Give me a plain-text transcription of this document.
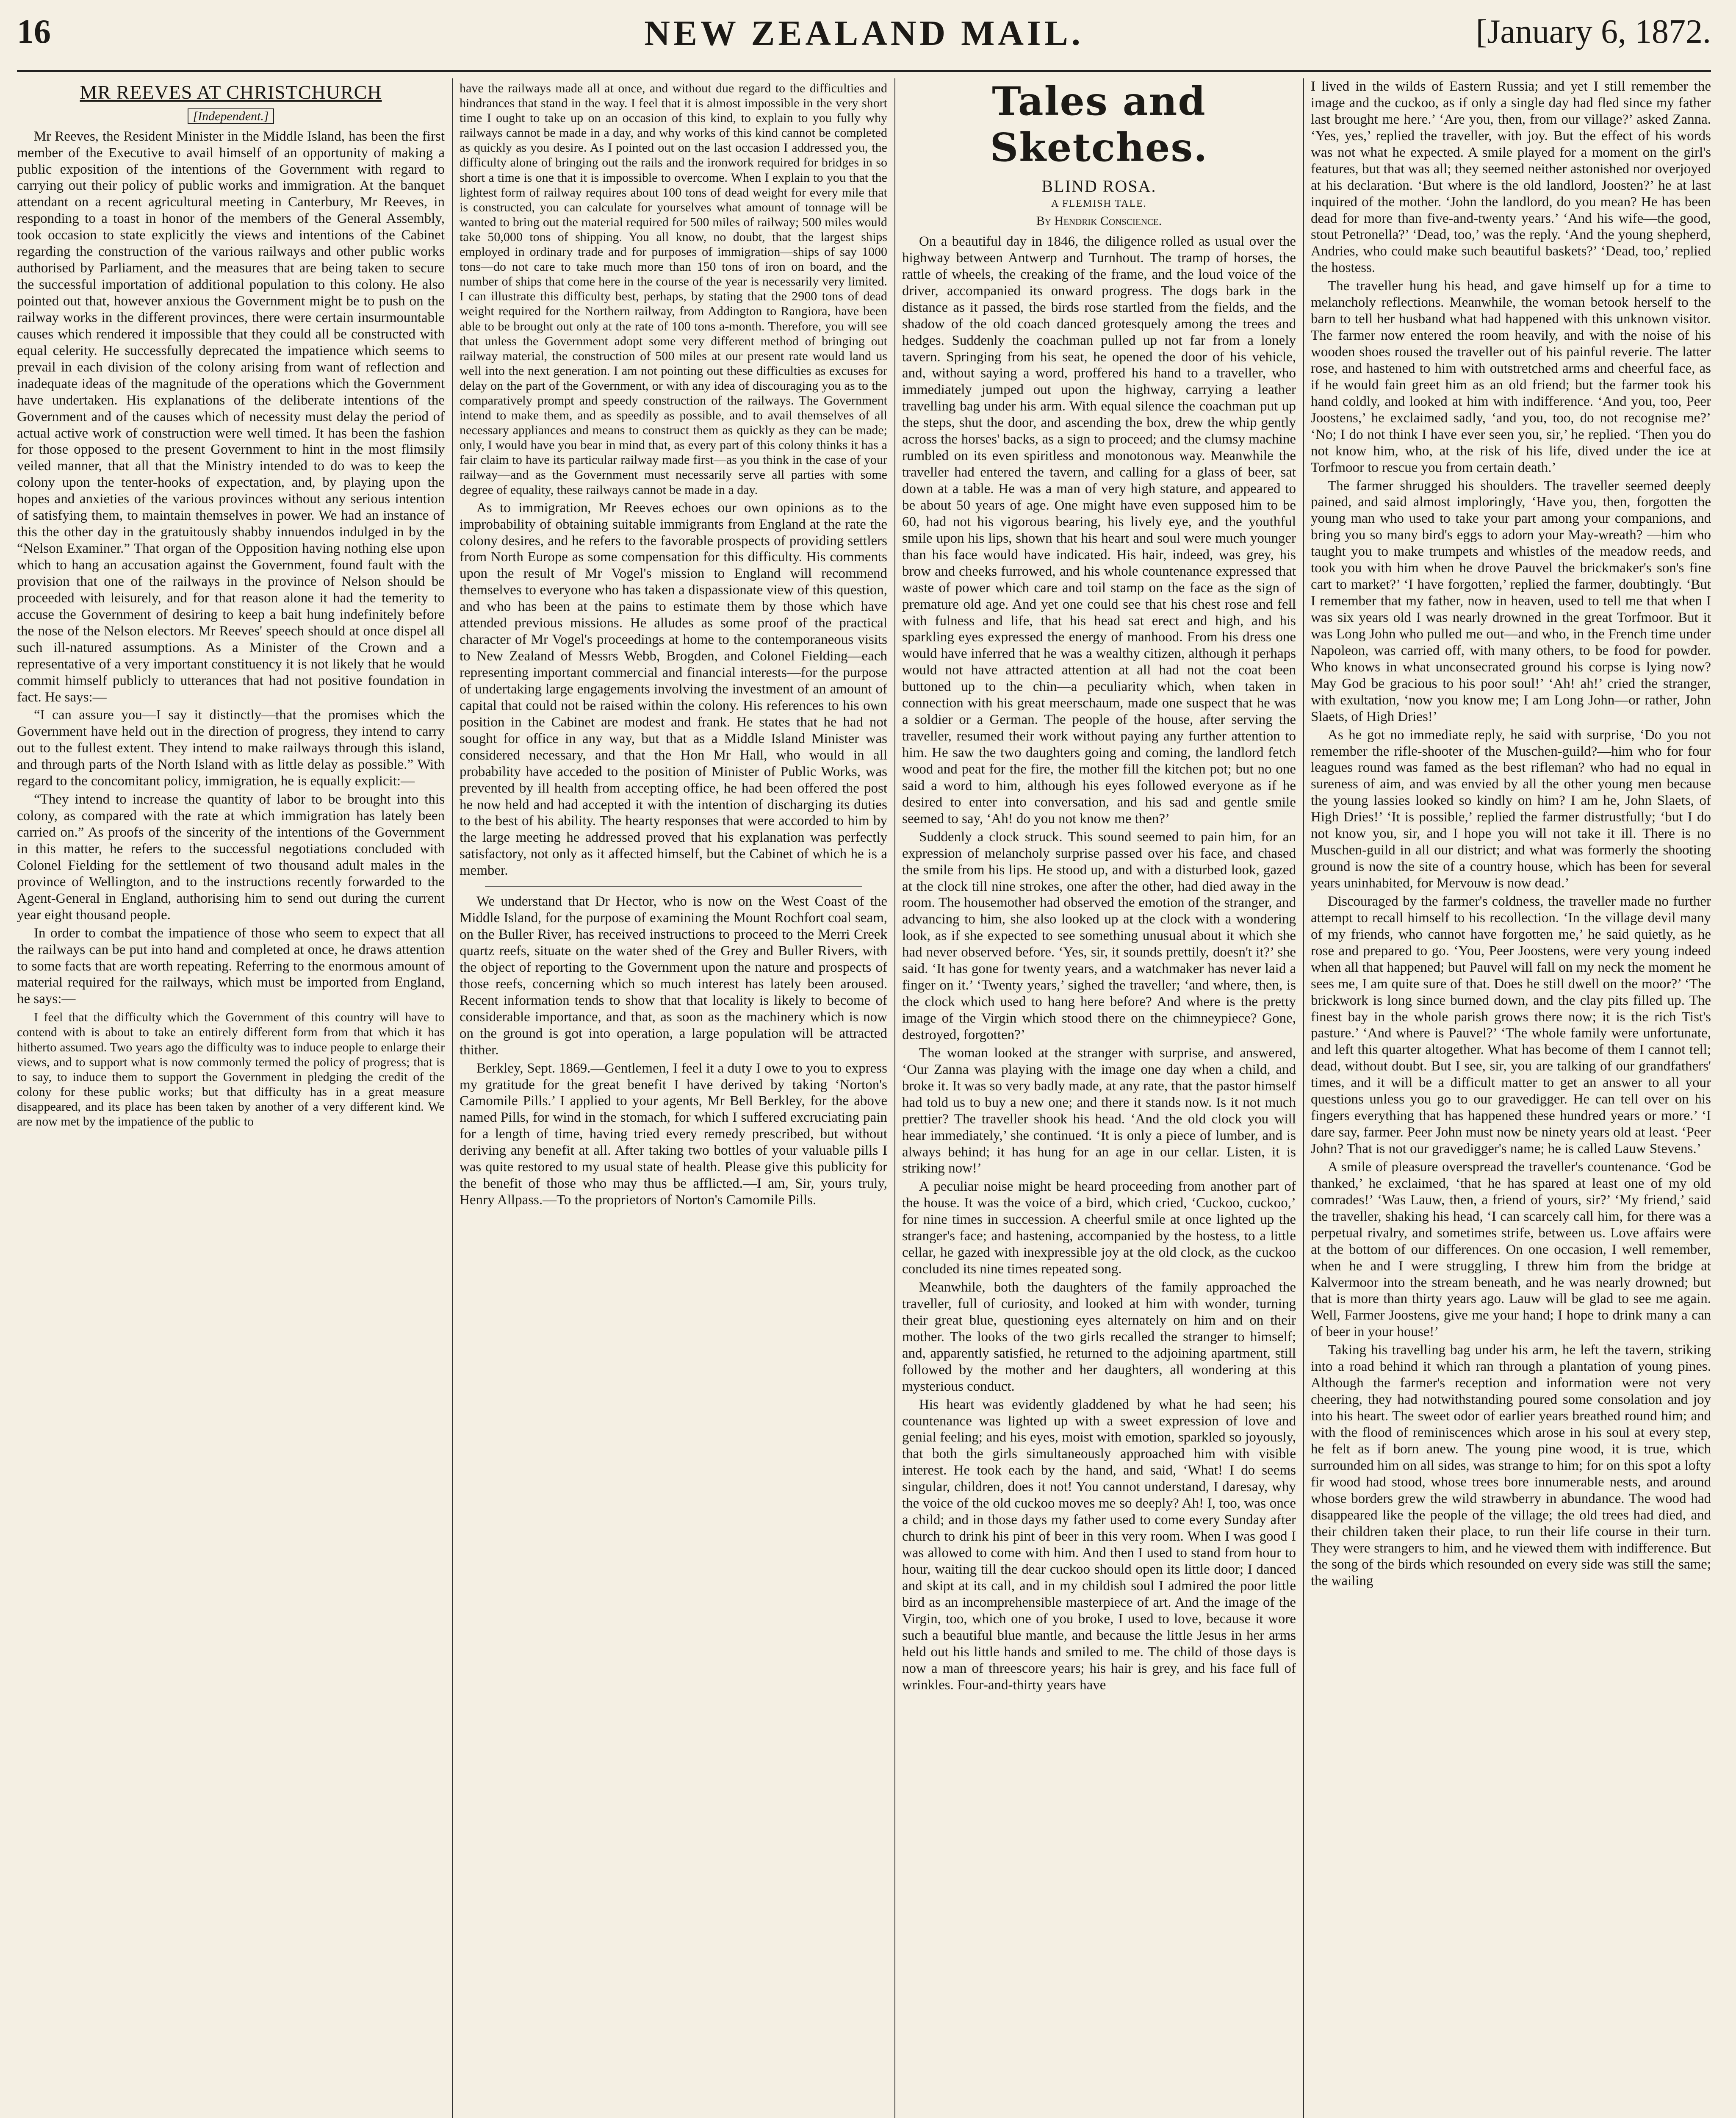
16	NEW ZEALAND MAIL.	[January 6, 1872.
MR REEVES AT CHRISTCHURCH
[Independent.]

Mr Reeves, the Resident Minister in the Middle Island, has been the first member of the Executive to avail himself of an opportunity of making a public exposition of the intentions of the Government with regard to carrying out their policy of public works and immigration. At the banquet attendant on a recent agricultural meeting in Canterbury, Mr Reeves, in responding to a toast in honor of the members of the General Assembly, took occasion to state explicitly the views and intentions of the Cabinet regarding the construction of the various railways and other public works authorised by Parliament, and the measures that are being taken to secure the successful importation of additional population to this colony. He also pointed out that, however anxious the Government might be to push on the railway works in the different provinces, there were certain insurmountable causes which rendered it impossible that they could all be constructed with equal celerity. He successfully deprecated the impatience which seems to prevail in each division of the colony arising from want of reflection and inadequate ideas of the magnitude of the operations which the Government have undertaken. His explanations of the deliberate intentions of the Government and of the causes which of necessity must delay the period of actual active work of construction were well timed. It has been the fashion for those opposed to the present Government to hint in the most flimsily veiled manner, that all that the Ministry intended to do was to keep the colony upon the tenter-hooks of expectation, and, by playing upon the hopes and anxieties of the various provinces without any serious intention of satisfying them, to maintain themselves in power. We had an instance of this the other day in the gratuitously shabby innuendos indulged in by the “Nelson Examiner.” That organ of the Opposition having nothing else upon which to hang an accusation against the Government, found fault with the provision that one of the railways in the province of Nelson should be proceeded with leisurely, and for that reason alone it had the temerity to accuse the Government of desiring to keep a bait hung indefinitely before the nose of the Nelson electors. Mr Reeves' speech should at once dispel all such ill-natured assumptions. As a Minister of the Crown and a representative of a very important constituency it is not likely that he would commit himself publicly to utterances that had not positive foundation in fact. He says:—

“I can assure you—I say it distinctly—that the promises which the Government have held out in the direction of progress, they intend to carry out to the fullest extent. They intend to make railways through this island, and through parts of the North Island with as little delay as possible.” With regard to the concomitant policy, immigration, he is equally explicit:—

“They intend to increase the quantity of labor to be brought into this colony, as compared with the rate at which immigration has lately been carried on.” As proofs of the sincerity of the intentions of the Government in this matter, he refers to the successful negotiations concluded with Colonel Fielding for the settlement of two thousand adult males in the province of Wellington, and to the instructions recently forwarded to the Agent-General in England, authorising him to send out during the current year eight thousand people.

In order to combat the impatience of those who seem to expect that all the railways can be put into hand and completed at once, he draws attention to some facts that are worth repeating. Referring to the enormous amount of material required for the railways, which must be imported from England, he says:—

I feel that the difficulty which the Government of this country will have to contend with is about to take an entirely different form from that which it has hitherto assumed. Two years ago the difficulty was to induce people to enlarge their views, and to support what is now commonly termed the policy of progress; that is to say, to induce them to support the Government in pledging the credit of the colony for these public works; but that difficulty has in a great measure disappeared, and its place has been taken by another of a very different kind. We are now met by the impatience of the public to

have the railways made all at once, and without due regard to the difficulties and hindrances that stand in the way. I feel that it is almost impossible in the very short time I ought to take up on an occasion of this kind, to explain to you fully why railways cannot be made in a day, and why works of this kind cannot be completed as quickly as you desire. As I pointed out on the last occasion I addressed you, the difficulty alone of bringing out the rails and the ironwork required for bridges in so short a time is one that it is impossible to overcome. When I explain to you that the lightest form of railway requires about 100 tons of dead weight for every mile that is constructed, you can calculate for yourselves what amount of tonnage will be wanted to bring out the material required for 500 miles of railway; 500 miles would take 50,000 tons of shipping. You all know, no doubt, that the largest ships employed in ordinary trade and for purposes of immigration—ships of say 1000 tons—do not care to take much more than 150 tons of iron on board, and the number of ships that come here in the course of the year is necessarily very limited. I can illustrate this difficulty best, perhaps, by stating that the 2900 tons of dead weight required for the Northern railway, from Addington to Rangiora, have been able to be brought out only at the rate of 100 tons a-month. Therefore, you will see that unless the Government adopt some very different method of bringing out railway material, the construction of 500 miles at our present rate would land us well into the next generation. I am not pointing out these difficulties as excuses for delay on the part of the Government, or with any idea of discouraging you as to the comparatively prompt and speedy construction of the railways. The Government intend to make them, and as speedily as possible, and to avail themselves of all necessary appliances and means to construct them as quickly as they can be made; only, I would have you bear in mind that, as every part of this colony thinks it has a fair claim to have its particular railway made first—as you think in the case of your railway—and as the Government must necessarily serve all parties with some degree of equality, these railways cannot be made in a day.

As to immigration, Mr Reeves echoes our own opinions as to the improbability of obtaining suitable immigrants from England at the rate the colony desires, and he refers to the favorable prospects of providing settlers from North Europe as some compensation for this difficulty. His comments upon the result of Mr Vogel's mission to England will recommend themselves to everyone who has taken a dispassionate view of this question, and who has been at the pains to estimate them by those which have attended previous missions. He alludes as some proof of the practical character of Mr Vogel's proceedings at home to the contemporaneous visits to New Zealand of Messrs Webb, Brogden, and Colonel Fielding—each representing important commercial and financial interests—for the purpose of undertaking large engagements involving the investment of an amount of capital that could not be raised within the colony. His references to his own position in the Cabinet are modest and frank. He states that he had not sought for office in any way, but that as a Middle Island Minister was considered necessary, and that the Hon Mr Hall, who would in all probability have acceded to the position of Minister of Public Works, was prevented by ill health from accepting office, he had been offered the post he now held and had accepted it with the intention of discharging its duties to the best of his ability. The hearty responses that were accorded to him by the large meeting he addressed proved that his explanation was perfectly satisfactory, not only as it affected himself, but the Cabinet of which he is a member.

We understand that Dr Hector, who is now on the West Coast of the Middle Island, for the purpose of examining the Mount Rochfort coal seam, on the Buller River, has received instructions to proceed to the Merri Creek quartz reefs, situate on the water shed of the Grey and Buller Rivers, with the object of reporting to the Government upon the nature and prospects of those reefs, concerning which so much interest has lately been aroused. Recent information tends to show that that locality is likely to become of considerable importance, and that, as soon as the machinery which is now on the ground is got into operation, a large population will be attracted thither.

Berkley, Sept. 1869.—Gentlemen, I feel it a duty I owe to you to express my gratitude for the great benefit I have derived by taking ‘Norton's Camomile Pills.’ I applied to your agents, Mr Bell Berkley, for the above named Pills, for wind in the stomach, for which I suffered excruciating pain for a length of time, having tried every remedy prescribed, but without deriving any benefit at all. After taking two bottles of your valuable pills I was quite restored to my usual state of health. Please give this publicity for the benefit of those who may thus be afflicted.—I am, Sir, yours truly, Henry Allpass.—To the proprietors of Norton's Camomile Pills.

Tales and Sketches.
BLIND ROSA.
A FLEMISH TALE.
By Hendrik Conscience.

On a beautiful day in 1846, the diligence rolled as usual over the highway between Antwerp and Turnhout. The tramp of horses, the rattle of wheels, the creaking of the frame, and the loud voice of the driver, accompanied its onward progress. The dogs bark in the distance as it passed, the birds rose startled from the fields, and the shadow of the old coach danced grotesquely among the trees and hedges. Suddenly the coachman pulled up not far from a lonely tavern. Springing from his seat, he opened the door of his vehicle, and, without saying a word, proffered his hand to a traveller, who immediately jumped out upon the highway, carrying a leather travelling bag under his arm. With equal silence the coachman put up the steps, shut the door, and ascending the box, drew the whip gently across the horses' backs, as a sign to proceed; and the clumsy machine rumbled on its even spiritless and monotonous way. Meanwhile the traveller had entered the tavern, and calling for a glass of beer, sat down at a table. He was a man of very high stature, and appeared to be about 50 years of age. One might have even supposed him to be 60, had not his vigorous bearing, his lively eye, and the youthful smile upon his lips, shown that his heart and soul were much younger than his face would have indicated. His hair, indeed, was grey, his brow and cheeks furrowed, and his whole countenance expressed that waste of power which care and toil stamp on the face as the sign of premature old age. And yet one could see that his chest rose and fell with fulness and life, that his head sat erect and high, and his sparkling eyes expressed the energy of manhood. From his dress one would have inferred that he was a wealthy citizen, although it perhaps would not have attracted attention at all had not the coat been buttoned up to the chin—a peculiarity which, when taken in connection with his great meerschaum, made one suspect that he was a soldier or a German. The people of the house, after serving the traveller, resumed their work without paying any further attention to him. He saw the two daughters going and coming, the landlord fetch wood and peat for the fire, the mother fill the kitchen pot; but no one said a word to him, although his eyes followed everyone as if he desired to enter into conversation, and his sad and gentle smile seemed to say, ‘Ah! do you not know me then?’

Suddenly a clock struck. This sound seemed to pain him, for an expression of melancholy surprise passed over his face, and chased the smile from his lips. He stood up, and with a disturbed look, gazed at the clock till nine strokes, one after the other, had died away in the room. The housemother had observed the emotion of the stranger, and advancing to him, she also looked up at the clock with a wondering look, as if she expected to see something unusual about it which she had never observed before. ‘Yes, sir, it sounds prettily, doesn't it?’ she said. ‘It has gone for twenty years, and a watchmaker has never laid a finger on it.’ ‘Twenty years,’ sighed the traveller; ‘and where, then, is the clock which used to hang here before? And where is the pretty image of the Virgin which stood there on the chimneypiece? Gone, destroyed, forgotten?’

The woman looked at the stranger with surprise, and answered, ‘Our Zanna was playing with the image one day when a child, and broke it. It was so very badly made, at any rate, that the pastor himself had told us to buy a new one; and there it stands now. Is it not much prettier? The traveller shook his head. ‘And the old clock you will hear immediately,’ she continued. ‘It is only a piece of lumber, and is always behind; it has hung for an age in our cellar. Listen, it is striking now!’

A peculiar noise might be heard proceeding from another part of the house. It was the voice of a bird, which cried, ‘Cuckoo, cuckoo,’ for nine times in succession. A cheerful smile at once lighted up the stranger's face; and hastening, accompanied by the hostess, to a little cellar, he gazed with inexpressible joy at the old clock, as the cuckoo concluded its nine times repeated song.

Meanwhile, both the daughters of the family approached the traveller, full of curiosity, and looked at him with wonder, turning their great blue, questioning eyes alternately on him and on their mother. The looks of the two girls recalled the stranger to himself; and, apparently satisfied, he returned to the adjoining apartment, still followed by the mother and her daughters, all wondering at this mysterious conduct.

His heart was evidently gladdened by what he had seen; his countenance was lighted up with a sweet expression of love and genial feeling; and his eyes, moist with emotion, sparkled so joyously, that both the girls simultaneously approached him with visible interest. He took each by the hand, and said, ‘What! I do seems singular, children, does it not! You cannot understand, I daresay, why the voice of the old cuckoo moves me so deeply? Ah! I, too, was once a child; and in those days my father used to come every Sunday after church to drink his pint of beer in this very room. When I was good I was allowed to come with him. And then I used to stand from hour to hour, waiting till the dear cuckoo should open its little door; I danced and skipt at its call, and in my childish soul I admired the poor little bird as an incomprehensible masterpiece of art. And the image of the Virgin, too, which one of you broke, I used to love, because it wore such a beautiful blue mantle, and because the little Jesus in her arms held out his little hands and smiled to me. The child of those days is now a man of threescore years; his hair is grey, and his face full of wrinkles. Four-and-thirty years have

I lived in the wilds of Eastern Russia; and yet I still remember the image and the cuckoo, as if only a single day had fled since my father last brought me here.’ ‘Are you, then, from our village?’ asked Zanna. ‘Yes, yes,’ replied the traveller, with joy. But the effect of his words was not what he expected. A smile played for a moment on the girl's features, but that was all; they seemed neither astonished nor overjoyed at his declaration. ‘But where is the old landlord, Joosten?’ he at last inquired of the mother. ‘John the landlord, do you mean? He has been dead for more than five-and-twenty years.’ ‘And his wife—the good, stout Petronella?’ ‘Dead, too,’ was the reply. ‘And the young shepherd, Andries, who could make such beautiful baskets?’ ‘Dead, too,’ replied the hostess.

The traveller hung his head, and gave himself up for a time to melancholy reflections. Meanwhile, the woman betook herself to the barn to tell her husband what had happened with this unknown visitor. The farmer now entered the room heavily, and with the noise of his wooden shoes roused the traveller out of his painful reverie. The latter rose, and hastened to him with outstretched arms and cheerful face, as if he would fain greet him as an old friend; but the farmer took his hand coldly, and looked at him with indifference. ‘And you, too, Peer Joostens,’ he exclaimed sadly, ‘and you, too, do not recognise me?’ ‘No; I do not think I have ever seen you, sir,’ he replied. ‘Then you do not know him, who, at the risk of his life, dived under the ice at Torfmoor to rescue you from certain death.’

The farmer shrugged his shoulders. The traveller seemed deeply pained, and said almost imploringly, ‘Have you, then, forgotten the young man who used to take your part among your companions, and bring you so many bird's eggs to adorn your May-wreath? —him who taught you to make trumpets and whistles of the meadow reeds, and took you with him when he drove Pauvel the brickmaker's son's fine cart to market?’ ‘I have forgotten,’ replied the farmer, doubtingly. ‘But I remember that my father, now in heaven, used to tell me that when I was six years old I was nearly drowned in the great Torfmoor. But it was Long John who pulled me out—and who, in the French time under Napoleon, was carried off, with many others, to be food for powder. Who knows in what unconsecrated ground his corpse is lying now? May God be gracious to his poor soul!’ ‘Ah! ah!’ cried the stranger, with exultation, ‘now you know me; I am Long John—or rather, John Slaets, of High Dries!’

As he got no immediate reply, he said with surprise, ‘Do you not remember the rifle-shooter of the Muschen-guild?—him who for four leagues round was famed as the best rifleman? who had no equal in sureness of aim, and was envied by all the other young men because the young lassies looked so kindly on him? I am he, John Slaets, of High Dries!’ ‘It is possible,’ replied the farmer distrustfully; ‘but I do not know you, sir, and I hope you will not take it ill. There is no Muschen-guild in all our district; and what was formerly the shooting ground is now the site of a country house, which has been for several years uninhabited, for Mervouw is now dead.’

Discouraged by the farmer's coldness, the traveller made no further attempt to recall himself to his recollection. ‘In the village devil many of my friends, who cannot have forgotten me,’ he said quietly, as he rose and prepared to go. ‘You, Peer Joostens, were very young indeed when all that happened; but Pauvel will fall on my neck the moment he sees me, I am quite sure of that. Does he still dwell on the moor?’ ‘The brickwork is long since burned down, and the clay pits filled up. The finest bay in the whole parish grows there now; it is the rich Tist's pasture.’ ‘And where is Pauvel?’ ‘The whole family were unfortunate, and left this quarter altogether. What has become of them I cannot tell; dead, without doubt. But I see, sir, you are talking of our grandfathers' times, and it will be a difficult matter to get an answer to all your questions unless you go to our gravedigger. He can tell over on his fingers everything that has happened these hundred years or more.’ ‘I dare say, farmer. Peer John must now be ninety years old at least. ‘Peer John? That is not our gravedigger's name; he is called Lauw Stevens.’

A smile of pleasure overspread the traveller's countenance. ‘God be thanked,’ he exclaimed, ‘that he has spared at least one of my old comrades!’ ‘Was Lauw, then, a friend of yours, sir?’ ‘My friend,’ said the traveller, shaking his head, ‘I can scarcely call him, for there was a perpetual rivalry, and sometimes strife, between us. Love affairs were at the bottom of our differences. On one occasion, I well remember, when he and I were struggling, I threw him from the bridge at Kalvermoor into the stream beneath, and he was nearly drowned; but that is more than thirty years ago. Lauw will be glad to see me again. Well, Farmer Joostens, give me your hand; I hope to drink many a can of beer in your house!’

Taking his travelling bag under his arm, he left the tavern, striking into a road behind it which ran through a plantation of young pines. Although the farmer's reception and information were not very cheering, they had notwithstanding poured some consolation and joy into his heart. The sweet odor of earlier years breathed round him; and with the flood of reminiscences which arose in his soul at every step, he felt as if born anew. The young pine wood, it is true, which surrounded him on all sides, was strange to him; for on this spot a lofty fir wood had stood, whose trees bore innumerable nests, and around whose borders grew the wild strawberry in abundance. The wood had disappeared like the people of the village; the old trees had died, and their children taken their place, to run their life course in their turn. They were strangers to him, and he viewed them with indifference. But the song of the birds which resounded on every side was still the same; the wailing
